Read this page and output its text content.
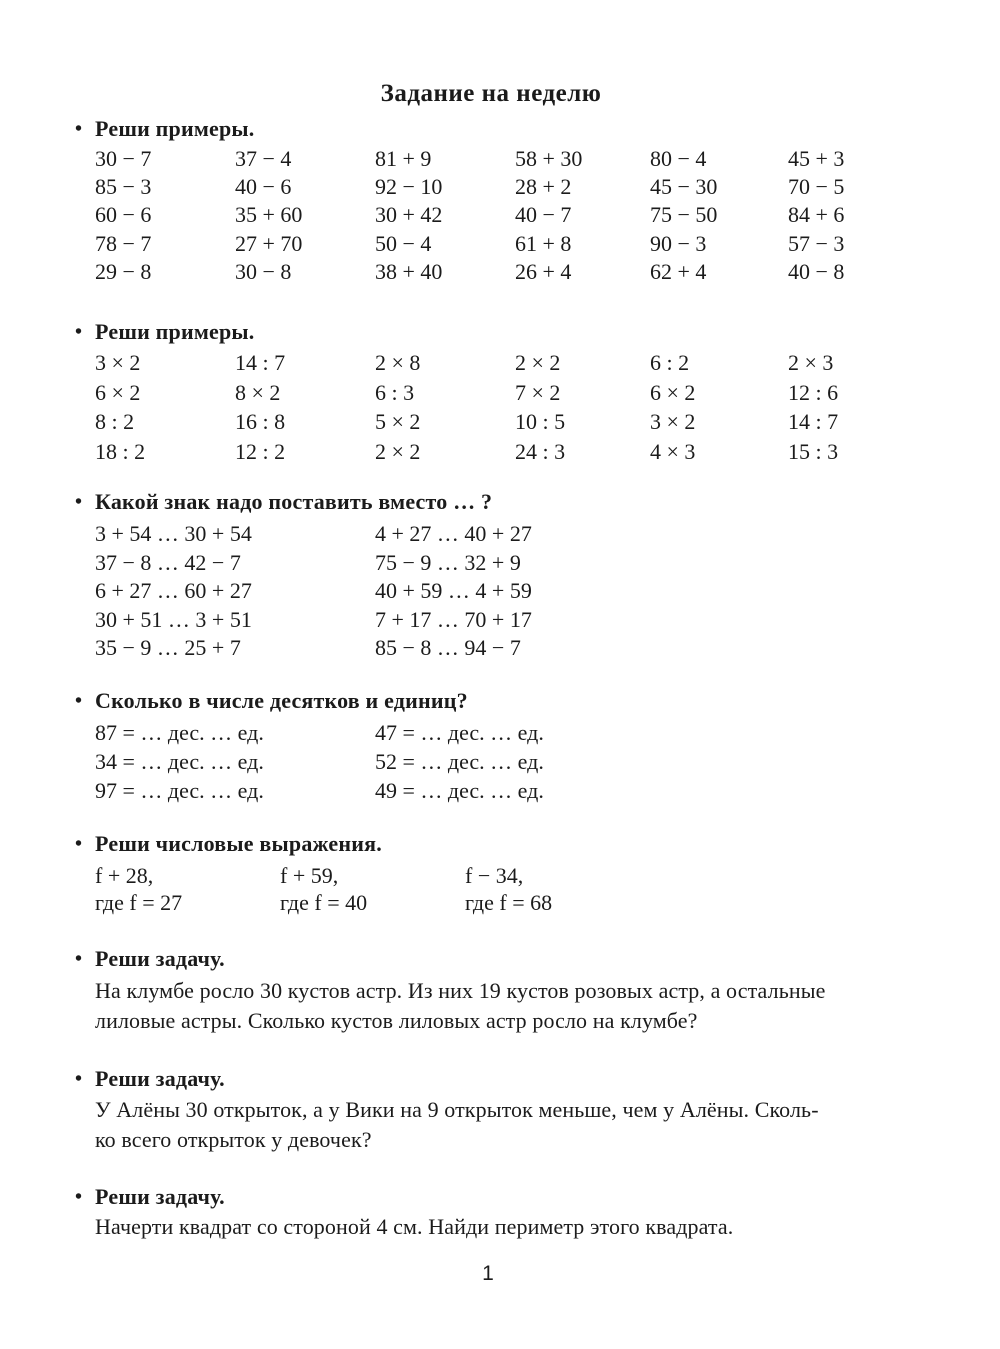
Задание на неделю
• Реши примеры.
30 − 7	37 − 4	81 + 9	58 + 30	80 − 4	45 + 3
85 − 3	40 − 6	92 − 10	28 + 2	45 − 30	70 − 5
60 − 6	35 + 60	30 + 42	40 − 7	75 − 50	84 + 6
78 − 7	27 + 70	50 − 4	61 + 8	90 − 3	57 − 3
29 − 8	30 − 8	38 + 40	26 + 4	62 + 4	40 − 8
• Реши примеры.
3 × 2	14 : 7	2 × 8	2 × 2	6 : 2	2 × 3
6 × 2	8 × 2	6 : 3	7 × 2	6 × 2	12 : 6
8 : 2	16 : 8	5 × 2	10 : 5	3 × 2	14 : 7
18 : 2	12 : 2	2 × 2	24 : 3	4 × 3	15 : 3
• Какой знак надо поставить вместо … ?
3 + 54 … 30 + 54	4 + 27 … 40 + 27
37 − 8 … 42 − 7	75 − 9 … 32 + 9
6 + 27 … 60 + 27	40 + 59 … 4 + 59
30 + 51 … 3 + 51	7 + 17 … 70 + 17
35 − 9 … 25 + 7	85 − 8 … 94 − 7
• Сколько в числе десятков и единиц?
87 = … дес. … ед.	47 = … дес. … ед.
34 = … дес. … ед.	52 = … дес. … ед.
97 = … дес. … ед.	49 = … дес. … ед.
• Реши числовые выражения.
f + 28,	f + 59,	f − 34,
где f = 27	где f = 40	где f = 68
• Реши задачу.
На клумбе росло 30 кустов астр. Из них 19 кустов розовых астр, а остальные
лиловые астры. Сколько кустов лиловых астр росло на клумбе?
• Реши задачу.
У Алёны 30 открыток, а у Вики на 9 открыток меньше, чем у Алёны. Сколь-
ко всего открыток у девочек?
• Реши задачу.
Начерти квадрат со стороной 4 см. Найди периметр этого квадрата.
1
